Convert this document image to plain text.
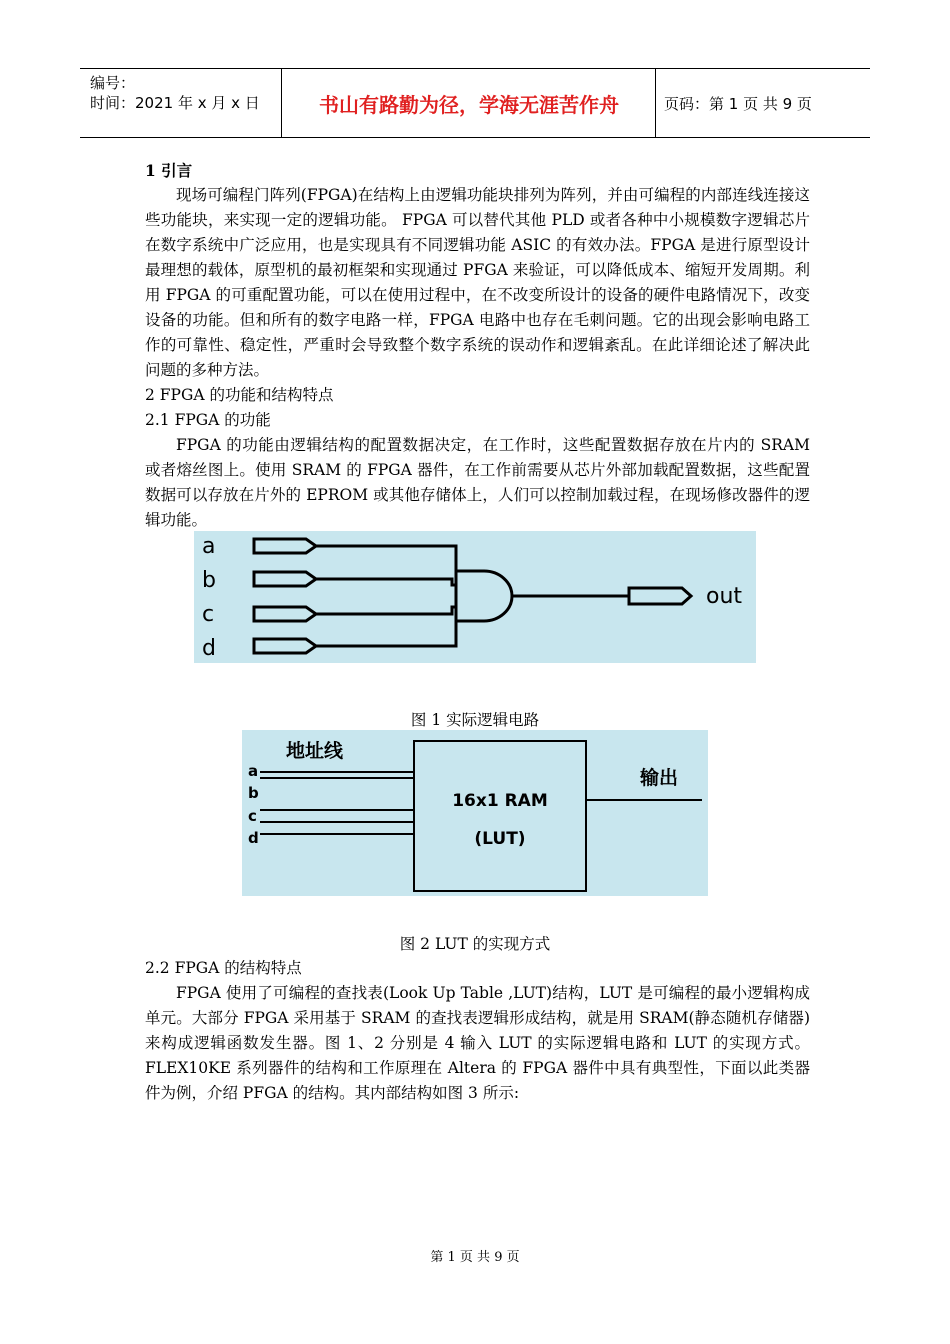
编号：
时间：2021 年 x 月 x 日	书山有路勤为径，学海无涯苦作舟	页码：第 1 页 共 9 页

1 引言

现场可编程门阵列(FPGA)在结构上由逻辑功能块排列为阵列，并由可编程的内部连线连接这些功能块，来实现一定的逻辑功能。 FPGA 可以替代其他 PLD 或者各种中小规模数字逻辑芯片在数字系统中广泛应用，也是实现具有不同逻辑功能 ASIC 的有效办法。FPGA 是进行原型设计最理想的载体，原型机的最初框架和实现通过 PFGA 来验证，可以降低成本、缩短开发周期。利用 FPGA 的可重配置功能，可以在使用过程中，在不改变所设计的设备的硬件电路情况下，改变设备的功能。但和所有的数字电路一样，FPGA 电路中也存在毛刺问题。它的出现会影响电路工作的可靠性、稳定性，严重时会导致整个数字系统的误动作和逻辑紊乱。在此详细论述了解决此问题的多种方法。

2 FPGA 的功能和结构特点

2.1 FPGA 的功能

FPGA 的功能由逻辑结构的配置数据决定，在工作时，这些配置数据存放在片内的 SRAM 或者熔丝图上。使用 SRAM 的 FPGA 器件，在工作前需要从芯片外部加载配置数据，这些配置数据可以存放在片外的 EPROM 或其他存储体上，人们可以控制加载过程，在现场修改器件的逻辑功能。

a
b
c
d
out
图 1 实际逻辑电路
地址线
a
b
c
d
16x1 RAM
(LUT)
输出
图 2 LUT 的实现方式

2.2 FPGA 的结构特点

FPGA 使用了可编程的查找表(Look Up Table ,LUT)结构，LUT 是可编程的最小逻辑构成单元。大部分 FPGA 采用基于 SRAM 的查找表逻辑形成结构，就是用 SRAM(静态随机存储器)来构成逻辑函数发生器。图 1、2 分别是 4 输入 LUT 的实际逻辑电路和 LUT 的实现方式。FLEX10KE 系列器件的结构和工作原理在 Altera 的 FPGA 器件中具有典型性，下面以此类器件为例，介绍 PFGA 的结构。其内部结构如图 3 所示:

第 1 页 共 9 页
